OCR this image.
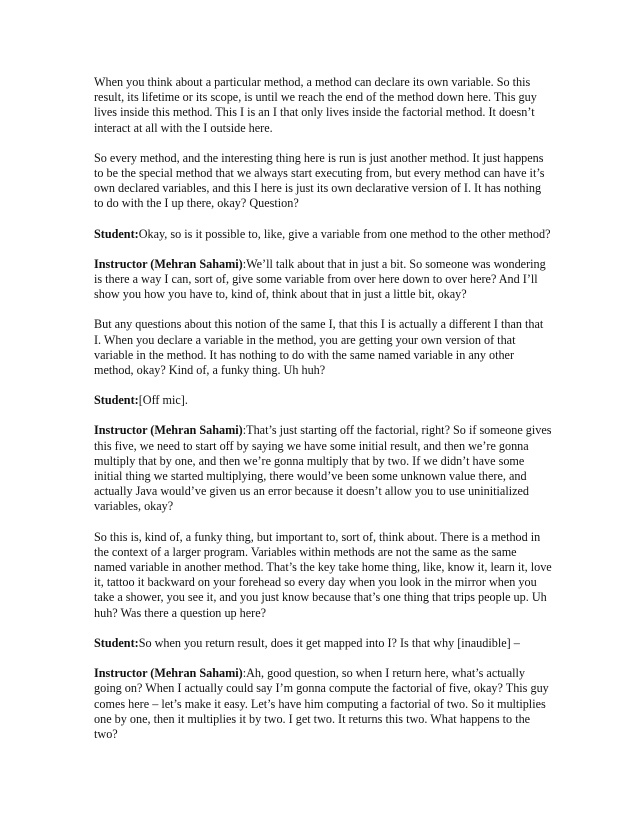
When you think about a particular method, a method can declare its own variable. So this result, its lifetime or its scope, is until we reach the end of the method down here. This guy lives inside this method. This I is an I that only lives inside the factorial method. It doesn’t interact at all with the I outside here.

So every method, and the interesting thing here is run is just another method. It just happens to be the special method that we always start executing from, but every method can have it’s own declared variables, and this I here is just its own declarative version of I. It has nothing to do with the I up there, okay? Question?

Student:Okay, so is it possible to, like, give a variable from one method to the other method?

Instructor (Mehran Sahami):We’ll talk about that in just a bit. So someone was wondering is there a way I can, sort of, give some variable from over here down to over here? And I’ll show you how you have to, kind of, think about that in just a little bit, okay?

But any questions about this notion of the same I, that this I is actually a different I than that I. When you declare a variable in the method, you are getting your own version of that variable in the method. It has nothing to do with the same named variable in any other method, okay? Kind of, a funky thing. Uh huh?

Student:[Off mic].

Instructor (Mehran Sahami):That’s just starting off the factorial, right? So if someone gives this five, we need to start off by saying we have some initial result, and then we’re gonna multiply that by one, and then we’re gonna multiply that by two. If we didn’t have some initial thing we started multiplying, there would’ve been some unknown value there, and actually Java would’ve given us an error because it doesn’t allow you to use uninitialized variables, okay?

So this is, kind of, a funky thing, but important to, sort of, think about. There is a method in the context of a larger program. Variables within methods are not the same as the same named variable in another method. That’s the key take home thing, like, know it, learn it, love it, tattoo it backward on your forehead so every day when you look in the mirror when you take a shower, you see it, and you just know because that’s one thing that trips people up. Uh huh? Was there a question up here?

Student:So when you return result, does it get mapped into I? Is that why [inaudible] –

Instructor (Mehran Sahami):Ah, good question, so when I return here, what’s actually going on? When I actually could say I’m gonna compute the factorial of five, okay? This guy comes here – let’s make it easy. Let’s have him computing a factorial of two. So it multiplies one by one, then it multiplies it by two. I get two. It returns this two. What happens to the two?
